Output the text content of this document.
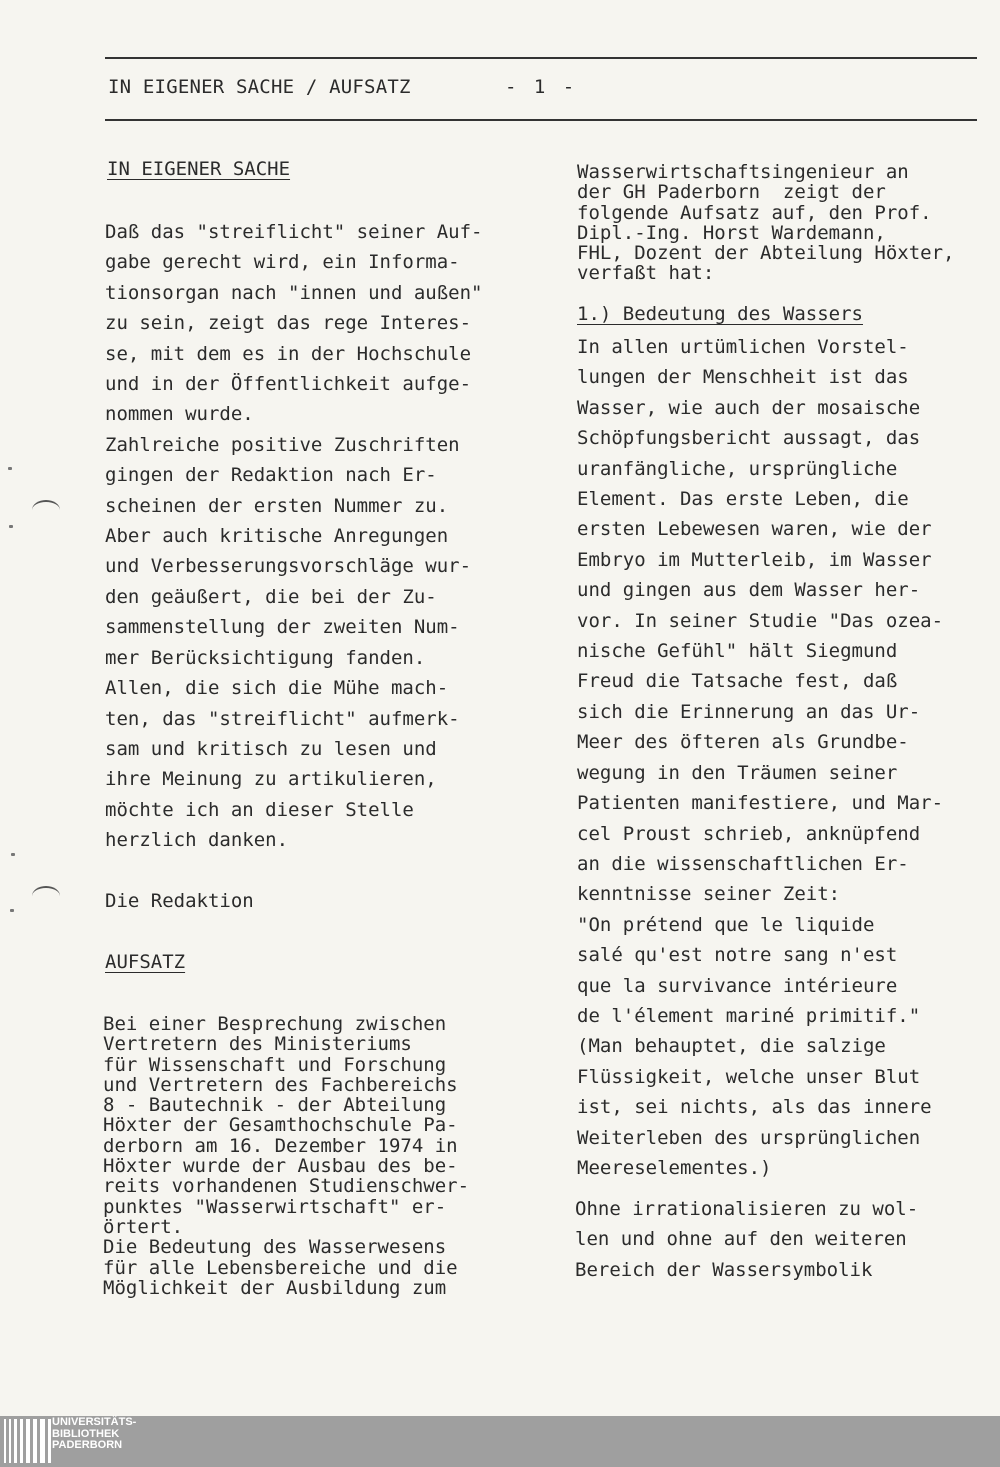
IN EIGENER SACHE / AUFSATZ	- 1 -
IN EIGENER SACHE
Daß das "streiflicht" seiner Auf-
gabe gerecht wird, ein Informa-
tionsorgan nach "innen und außen"
zu sein, zeigt das rege Interes-
se, mit dem es in der Hochschule
und in der Öffentlichkeit aufge-
nommen wurde.
Zahlreiche positive Zuschriften
gingen der Redaktion nach Er-
scheinen der ersten Nummer zu.
Aber auch kritische Anregungen
und Verbesserungsvorschläge wur-
den geäußert, die bei der Zu-
sammenstellung der zweiten Num-
mer Berücksichtigung fanden.
Allen, die sich die Mühe mach-
ten, das "streiflicht" aufmerk-
sam und kritisch zu lesen und
ihre Meinung zu artikulieren,
möchte ich an dieser Stelle
herzlich danken.
Die Redaktion
AUFSATZ
Bei einer Besprechung zwischen
Vertretern des Ministeriums
für Wissenschaft und Forschung
und Vertretern des Fachbereichs
8 - Bautechnik - der Abteilung
Höxter der Gesamthochschule Pa-
derborn am 16. Dezember 1974 in
Höxter wurde der Ausbau des be-
reits vorhandenen Studienschwer-
punktes "Wasserwirtschaft" er-
örtert.
Die Bedeutung des Wasserwesens
für alle Lebensbereiche und die
Möglichkeit der Ausbildung zum
Wasserwirtschaftsingenieur an
der GH Paderborn  zeigt der
folgende Aufsatz auf, den Prof.
Dipl.-Ing. Horst Wardemann,
FHL, Dozent der Abteilung Höxter,
verfaßt hat:
1.) Bedeutung des Wassers
In allen urtümlichen Vorstel-
lungen der Menschheit ist das
Wasser, wie auch der mosaische
Schöpfungsbericht aussagt, das
uranfängliche, ursprüngliche
Element. Das erste Leben, die
ersten Lebewesen waren, wie der
Embryo im Mutterleib, im Wasser
und gingen aus dem Wasser her-
vor. In seiner Studie "Das ozea-
nische Gefühl" hält Siegmund
Freud die Tatsache fest, daß
sich die Erinnerung an das Ur-
Meer des öfteren als Grundbe-
wegung in den Träumen seiner
Patienten manifestiere, und Mar-
cel Proust schrieb, anknüpfend
an die wissenschaftlichen Er-
kenntnisse seiner Zeit:
"On prétend que le liquide
salé qu'est notre sang n'est
que la survivance intérieure
de l'élement mariné primitif."
(Man behauptet, die salzige
Flüssigkeit, welche unser Blut
ist, sei nichts, als das innere
Weiterleben des ursprünglichen
Meereselementes.)
Ohne irrationalisieren zu wol-
len und ohne auf den weiteren
Bereich der Wassersymbolik
UNIVERSITÄTS-
BIBLIOTHEK
PADERBORN
